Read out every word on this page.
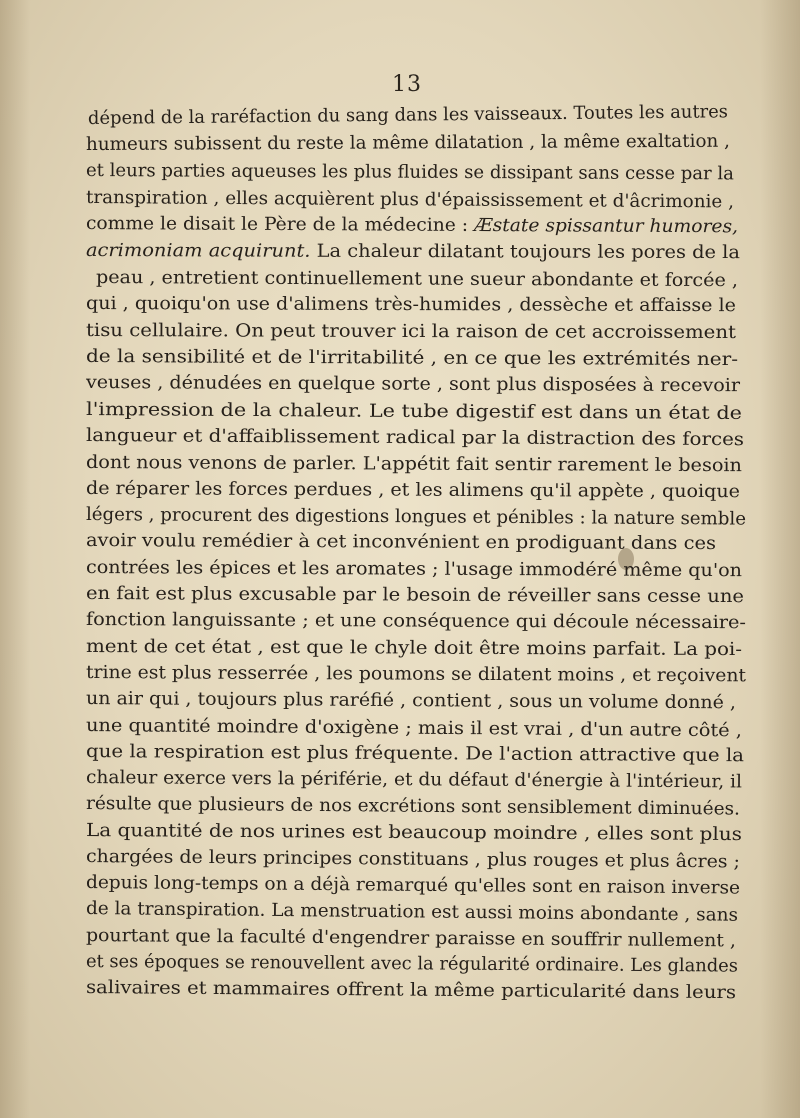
13
dépend de la raréfaction du sang dans les vaisseaux. Toutes les autres
humeurs subissent du reste la même dilatation , la même exaltation ,
et leurs parties aqueuses les plus fluides se dissipant sans cesse par la
transpiration , elles acquièrent plus d'épaississement et d'âcrimonie ,
comme le disait le Père de la médecine : Æstate spissantur humores,
acrimoniam acquirunt. La chaleur dilatant toujours les pores de la
peau , entretient continuellement une sueur abondante et forcée ,
qui , quoiqu'on use d'alimens très-humides , dessèche et affaisse le
tisu cellulaire. On peut trouver ici la raison de cet accroissement
de la sensibilité et de l'irritabilité , en ce que les extrémités ner-
veuses , dénudées en quelque sorte , sont plus disposées à recevoir
l'impression de la chaleur. Le tube digestif est dans un état de
langueur et d'affaiblissement radical par la distraction des forces
dont nous venons de parler. L'appétit fait sentir rarement le besoin
de réparer les forces perdues , et les alimens qu'il appète , quoique
légers , procurent des digestions longues et pénibles : la nature semble
avoir voulu remédier à cet inconvénient en prodiguant dans ces
contrées les épices et les aromates ; l'usage immodéré même qu'on
en fait est plus excusable par le besoin de réveiller sans cesse une
fonction languissante ; et une conséquence qui découle nécessaire-
ment de cet état , est que le chyle doit être moins parfait. La poi-
trine est plus resserrée , les poumons se dilatent moins , et reçoivent
un air qui , toujours plus raréfié , contient , sous un volume donné ,
une quantité moindre d'oxigène ; mais il est vrai , d'un autre côté ,
que la respiration est plus fréquente. De l'action attractive que la
chaleur exerce vers la périférie, et du défaut d'énergie à l'intérieur, il
résulte que plusieurs de nos excrétions sont sensiblement diminuées.
La quantité de nos urines est beaucoup moindre , elles sont plus
chargées de leurs principes constituans , plus rouges et plus âcres ;
depuis long-temps on a déjà remarqué qu'elles sont en raison inverse
de la transpiration. La menstruation est aussi moins abondante , sans
pourtant que la faculté d'engendrer paraisse en souffrir nullement ,
et ses époques se renouvellent avec la régularité ordinaire. Les glandes
salivaires et mammaires offrent la même particularité dans leurs
